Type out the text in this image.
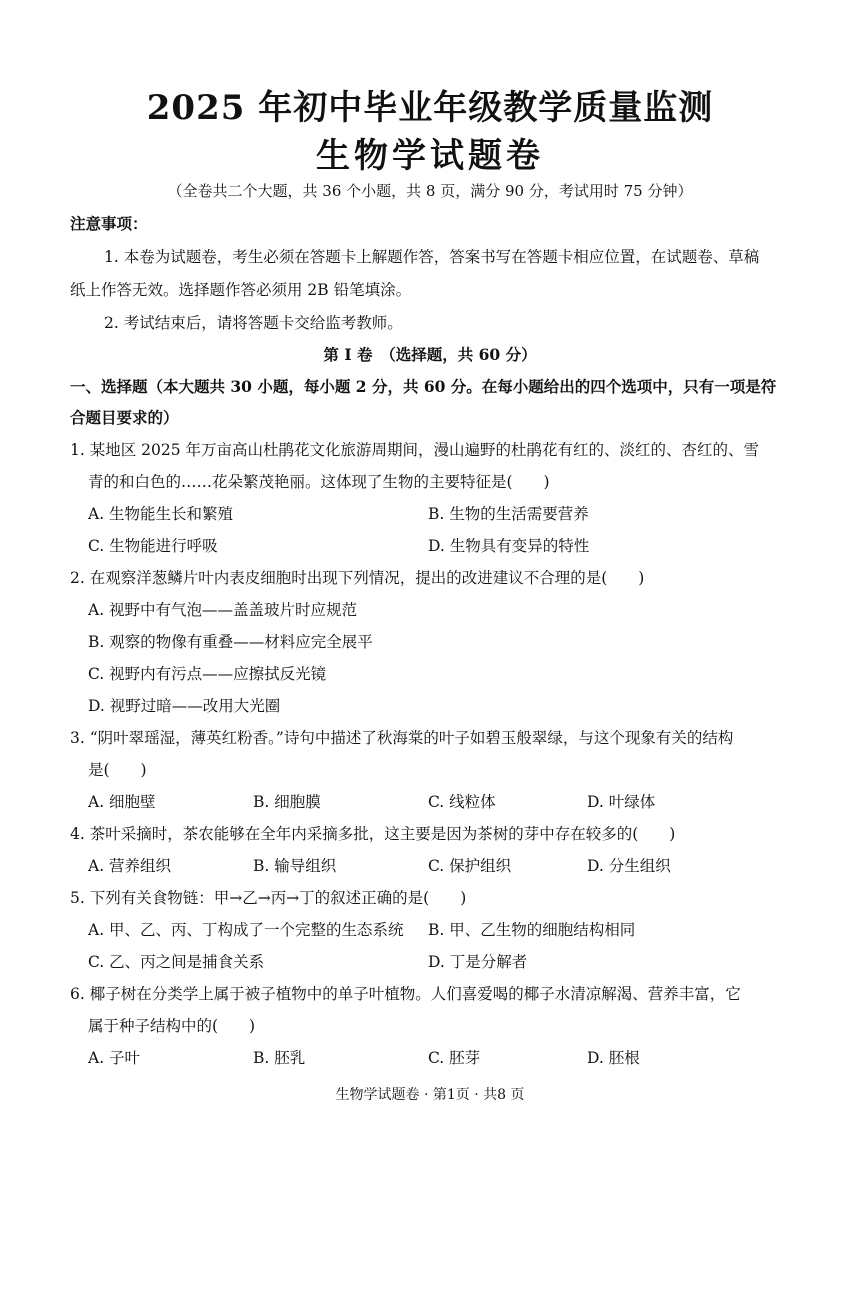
2025 年初中毕业年级教学质量监测
生物学试题卷
（全卷共二个大题，共 36 个小题，共 8 页，满分 90 分，考试用时 75 分钟）
注意事项：
1. 本卷为试题卷，考生必须在答题卡上解题作答，答案书写在答题卡相应位置，在试题卷、草稿
纸上作答无效。选择题作答必须用 2B 铅笔填涂。
2. 考试结束后，请将答题卡交给监考教师。
第 Ⅰ 卷　（选择题，共 60 分）
一、选择题（本大题共 30 小题，每小题 2 分，共 60 分。在每小题给出的四个选项中，只有一项是符
合题目要求的）
1. 某地区 2025 年万亩高山杜鹃花文化旅游周期间，漫山遍野的杜鹃花有红的、淡红的、杏红的、雪
青的和白色的……花朵繁茂艳丽。这体现了生物的主要特征是(　　)
A. 生物能生长和繁殖	B. 生物的生活需要营养
C. 生物能进行呼吸	D. 生物具有变异的特性
2. 在观察洋葱鳞片叶内表皮细胞时出现下列情况，提出的改进建议不合理的是(　　)
A. 视野中有气泡——盖盖玻片时应规范
B. 观察的物像有重叠——材料应完全展平
C. 视野内有污点——应擦拭反光镜
D. 视野过暗——改用大光圈
3. “阴叶翠瑶湿，薄英红粉香。”诗句中描述了秋海棠的叶子如碧玉般翠绿，与这个现象有关的结构
是(　　)
A. 细胞壁	B. 细胞膜	C. 线粒体	D. 叶绿体
4. 茶叶采摘时，茶农能够在全年内采摘多批，这主要是因为茶树的芽中存在较多的(　　)
A. 营养组织	B. 输导组织	C. 保护组织	D. 分生组织
5. 下列有关食物链：甲→乙→丙→丁的叙述正确的是(　　)
A. 甲、乙、丙、丁构成了一个完整的生态系统 B. 甲、乙生物的细胞结构相同
C. 乙、丙之间是捕食关系	D. 丁是分解者
6. 椰子树在分类学上属于被子植物中的单子叶植物。人们喜爱喝的椰子水清凉解渴、营养丰富，它
属于种子结构中的(　　)
A. 子叶	B. 胚乳	C. 胚芽	D. 胚根
生物学试题卷 · 第1页 · 共8 页
